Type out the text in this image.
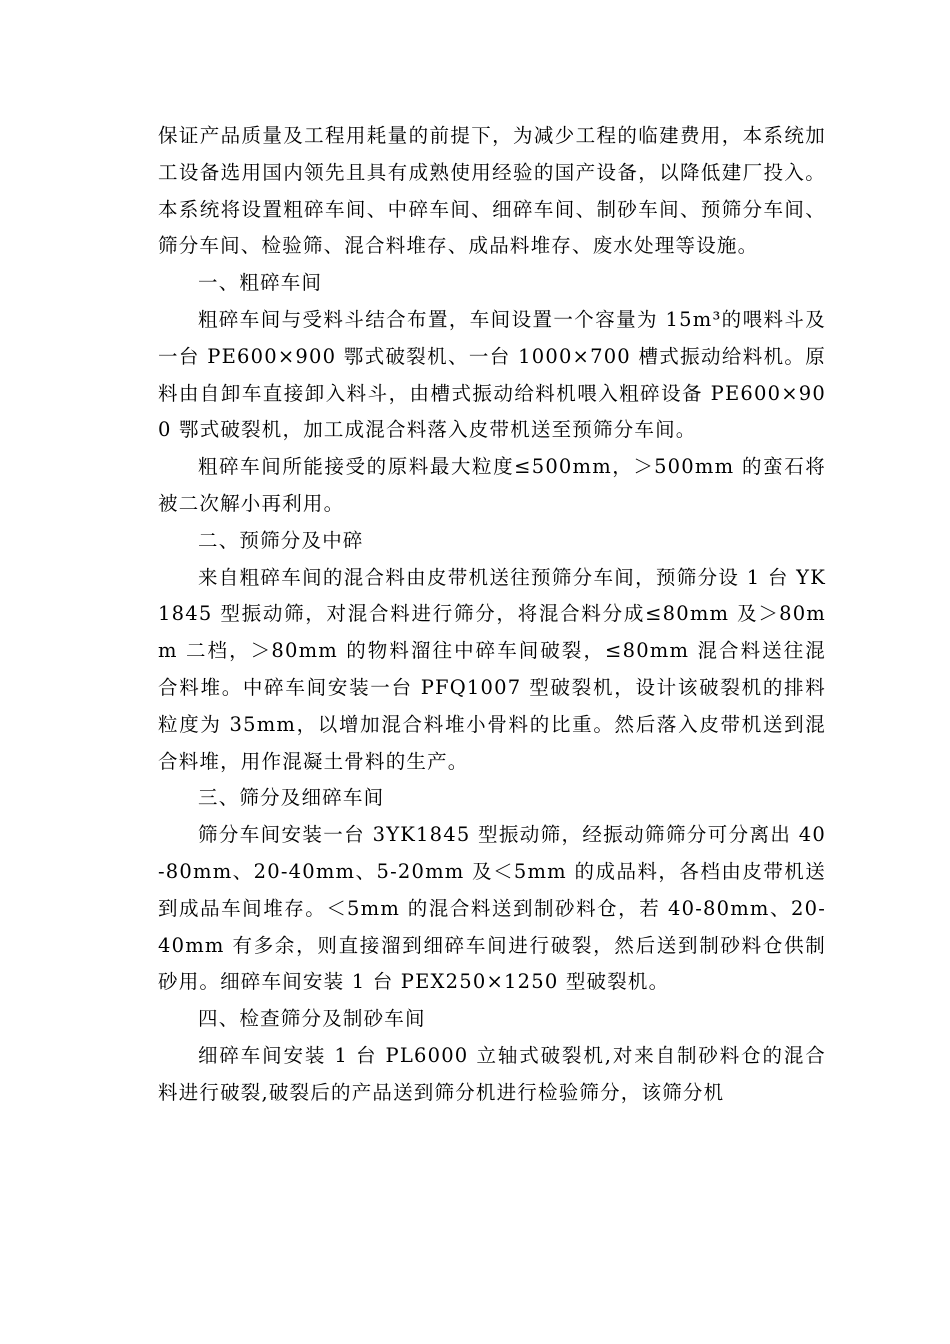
保证产品质量及工程用耗量的前提下，为减少工程的临建费用，本系统加工设备选用国内领先且具有成熟使用经验的国产设备，以降低建厂投入。本系统将设置粗碎车间、中碎车间、细碎车间、制砂车间、预筛分车间、筛分车间、检验筛、混合料堆存、成品料堆存、废水处理等设施。

一、粗碎车间

粗碎车间与受料斗结合布置，车间设置一个容量为 15m³的喂料斗及一台 PE600×900 鄂式破裂机、一台 1000×700 槽式振动给料机。原料由自卸车直接卸入料斗，由槽式振动给料机喂入粗碎设备 PE600×900 鄂式破裂机，加工成混合料落入皮带机送至预筛分车间。

粗碎车间所能接受的原料最大粒度≤500mm，＞500mm 的蛮石将被二次解小再利用。

二、预筛分及中碎

来自粗碎车间的混合料由皮带机送往预筛分车间，预筛分设 1 台 YK1845 型振动筛，对混合料进行筛分，将混合料分成≤80mm 及＞80mm 二档，＞80mm 的物料溜往中碎车间破裂，≤80mm 混合料送往混合料堆。中碎车间安装一台 PFQ1007 型破裂机，设计该破裂机的排料粒度为 35mm，以增加混合料堆小骨料的比重。然后落入皮带机送到混合料堆，用作混凝土骨料的生产。

三、筛分及细碎车间

筛分车间安装一台 3YK1845 型振动筛，经振动筛筛分可分离出 40-80mm、20-40mm、5-20mm 及＜5mm 的成品料，各档由皮带机送到成品车间堆存。＜5mm 的混合料送到制砂料仓，若 40-80mm、20-40mm 有多余，则直接溜到细碎车间进行破裂，然后送到制砂料仓供制砂用。细碎车间安装 1 台 PEX250×1250 型破裂机。

四、检查筛分及制砂车间

细碎车间安装 1 台 PL6000 立轴式破裂机,对来自制砂料仓的混合料进行破裂,破裂后的产品送到筛分机进行检验筛分，该筛分机
